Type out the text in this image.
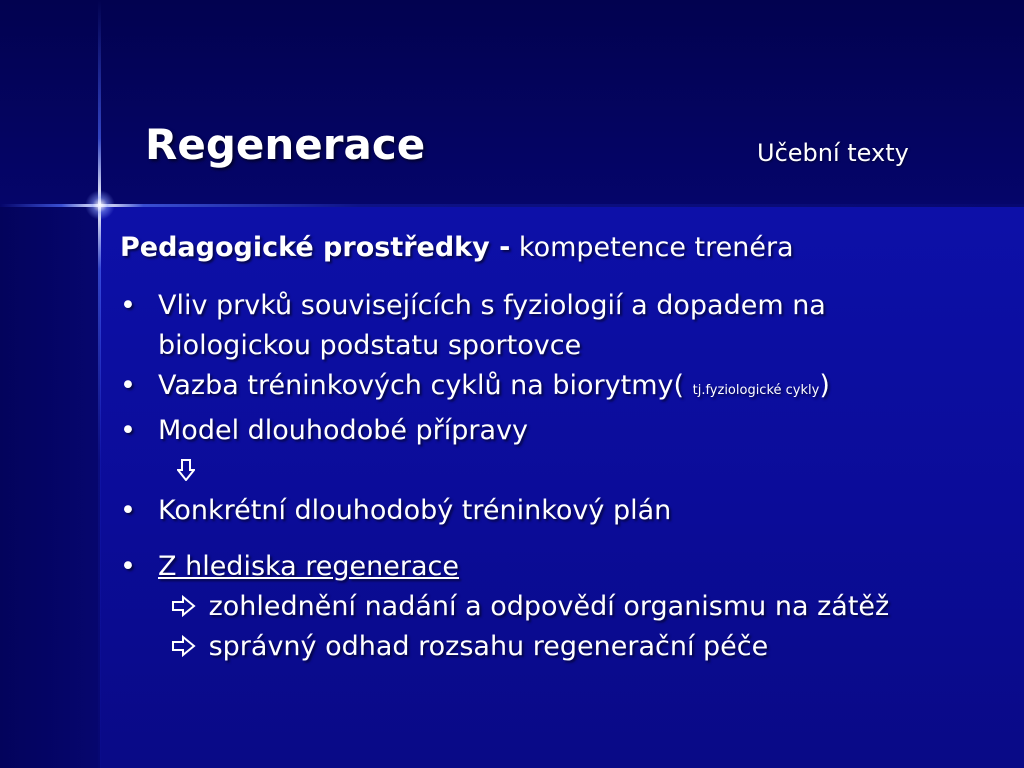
Regenerace	Učební texty
Pedagogické prostředky - kompetence trenéra
• Vliv prvků souvisejících s fyziologií a dopadem na
biologickou podstatu sportovce
• Vazba tréninkových cyklů na biorytmy( tj.fyziologické cykly)
• Model dlouhodobé přípravy
• Konkrétní dlouhodobý tréninkový plán
• Z hlediska regenerace
zohlednění nadání a odpovědí organismu na zátěž
správný odhad rozsahu regenerační péče
